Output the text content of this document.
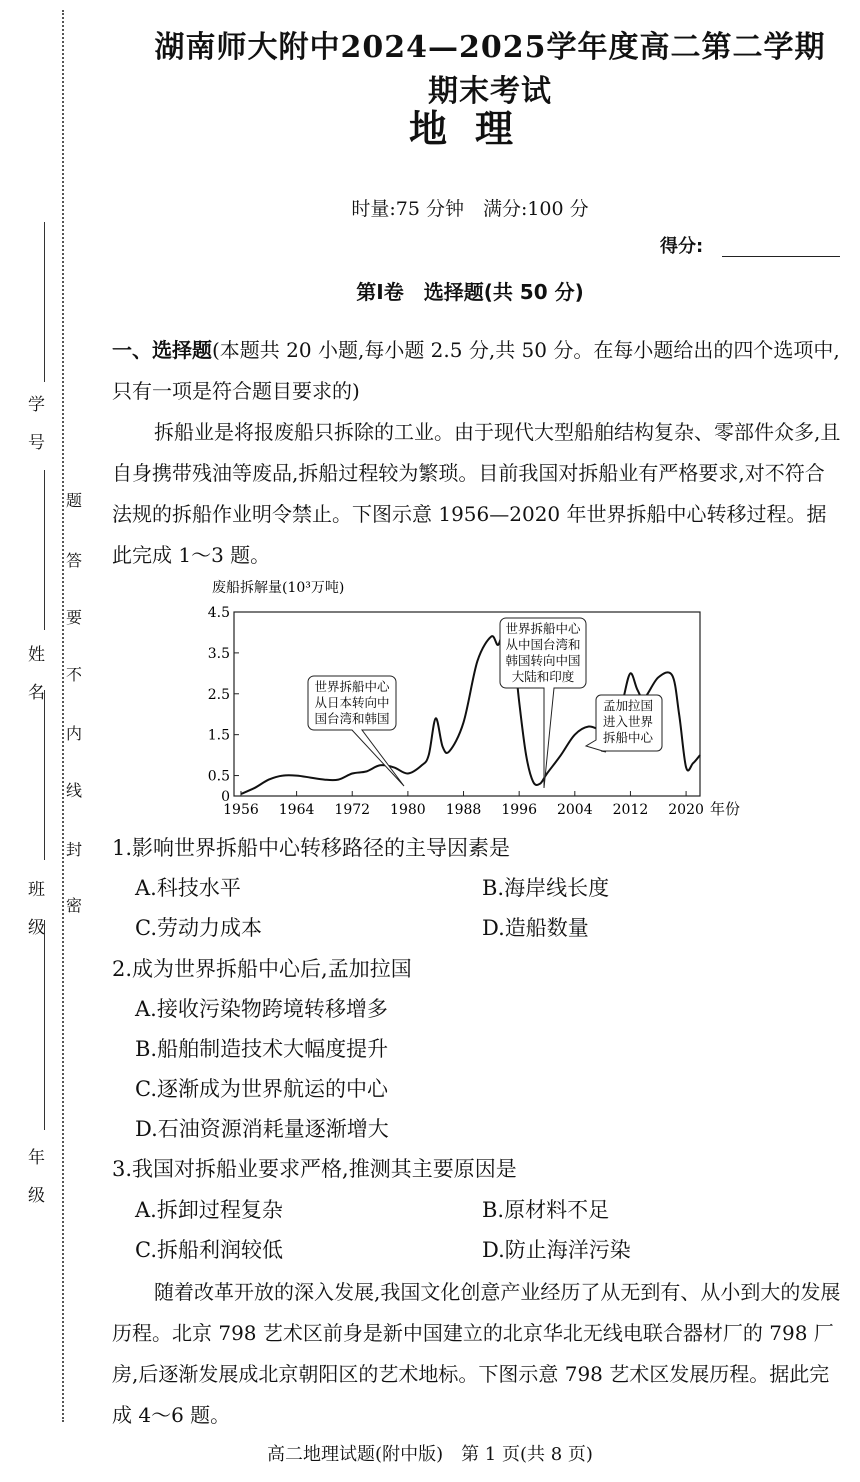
学　号
姓　名
班　级
年　级
题
答
要
不
内
线
封
密
湖南师大附中2024—2025学年度高二第二学期期末考试
地理
时量:75 分钟　满分:100 分
得分:
第Ⅰ卷　选择题(共 50 分)

一、选择题(本题共 20 小题,每小题 2.5 分,共 50 分。在每小题给出的四个选项中,只有一项是符合题目要求的)

拆船业是将报废船只拆除的工业。由于现代大型船舶结构复杂、零部件众多,且自身携带残油等废品,拆船过程较为繁琐。目前我国对拆船业有严格要求,对不符合法规的拆船作业明令禁止。下图示意 1956—2020 年世界拆船中心转移过程。据此完成 1～3 题。

废船拆解量(10³万吨)
0
0.5
1.5
2.5
3.5
4.5
1956 1964 1972 1980 1988 1996 2004 2012 2020 年份
世界拆船中心从日本转向中国台湾和韩国
世界拆船中心从中国台湾和韩国转向中国大陆和印度
孟加拉国进入世界拆船中心
1.影响世界拆船中心转移路径的主导因素是
A.科技水平	B.海岸线长度
C.劳动力成本	D.造船数量
2.成为世界拆船中心后,孟加拉国
A.接收污染物跨境转移增多
B.船舶制造技术大幅度提升
C.逐渐成为世界航运的中心
D.石油资源消耗量逐渐增大
3.我国对拆船业要求严格,推测其主要原因是
A.拆卸过程复杂	B.原材料不足
C.拆船利润较低	D.防止海洋污染

随着改革开放的深入发展,我国文化创意产业经历了从无到有、从小到大的发展历程。北京 798 艺术区前身是新中国建立的北京华北无线电联合器材厂的 798 厂房,后逐渐发展成北京朝阳区的艺术地标。下图示意 798 艺术区发展历程。据此完成 4～6 题。

高二地理试题(附中版)　第 1 页(共 8 页)
